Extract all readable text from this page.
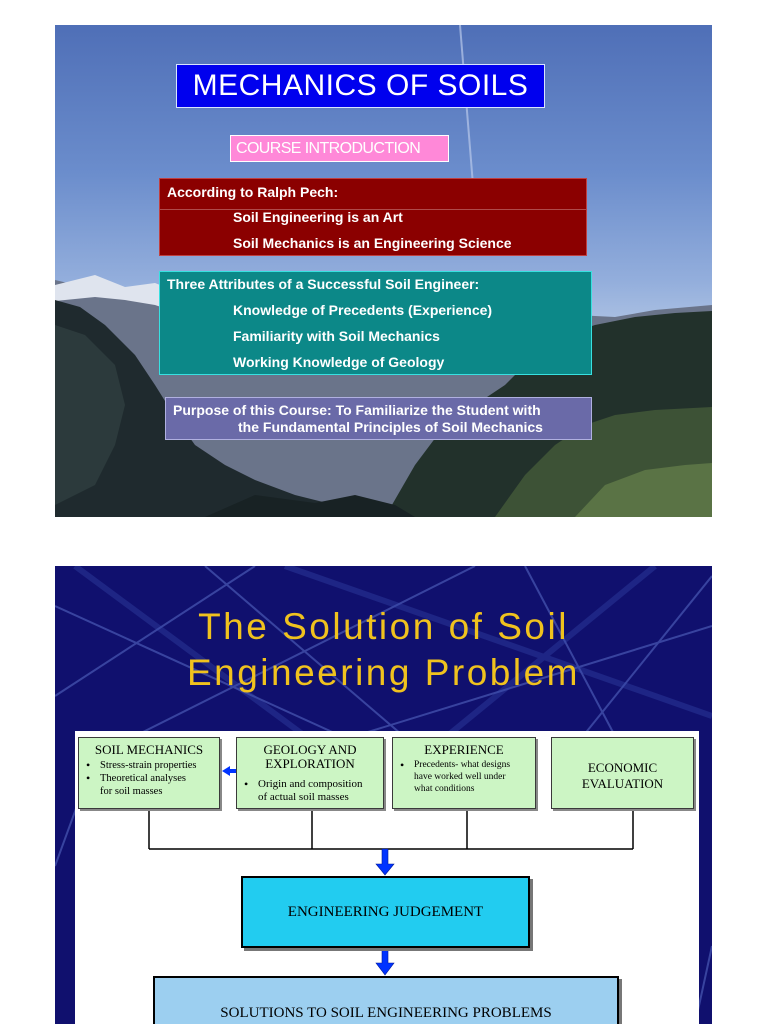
MECHANICS OF SOILS
COURSE INTRODUCTION
According to Ralph Pech:
Soil Engineering is an Art
Soil Mechanics is an Engineering Science
Three Attributes of a Successful Soil Engineer:
Knowledge of Precedents (Experience)
Familiarity with Soil Mechanics
Working Knowledge of Geology
Purpose of this Course: To Familiarize the Student with
the Fundamental Principles of Soil Mechanics
The Solution of Soil
Engineering Problem
SOIL MECHANICS
• Stress-strain properties
• Theoretical analyses
for soil masses
GEOLOGY AND
EXPLORATION
• Origin and composition
of actual soil masses
EXPERIENCE
• Precedents- what designs
have worked well under
what conditions
ECONOMIC
EVALUATION
ENGINEERING JUDGEMENT
SOLUTIONS TO SOIL ENGINEERING PROBLEMS
